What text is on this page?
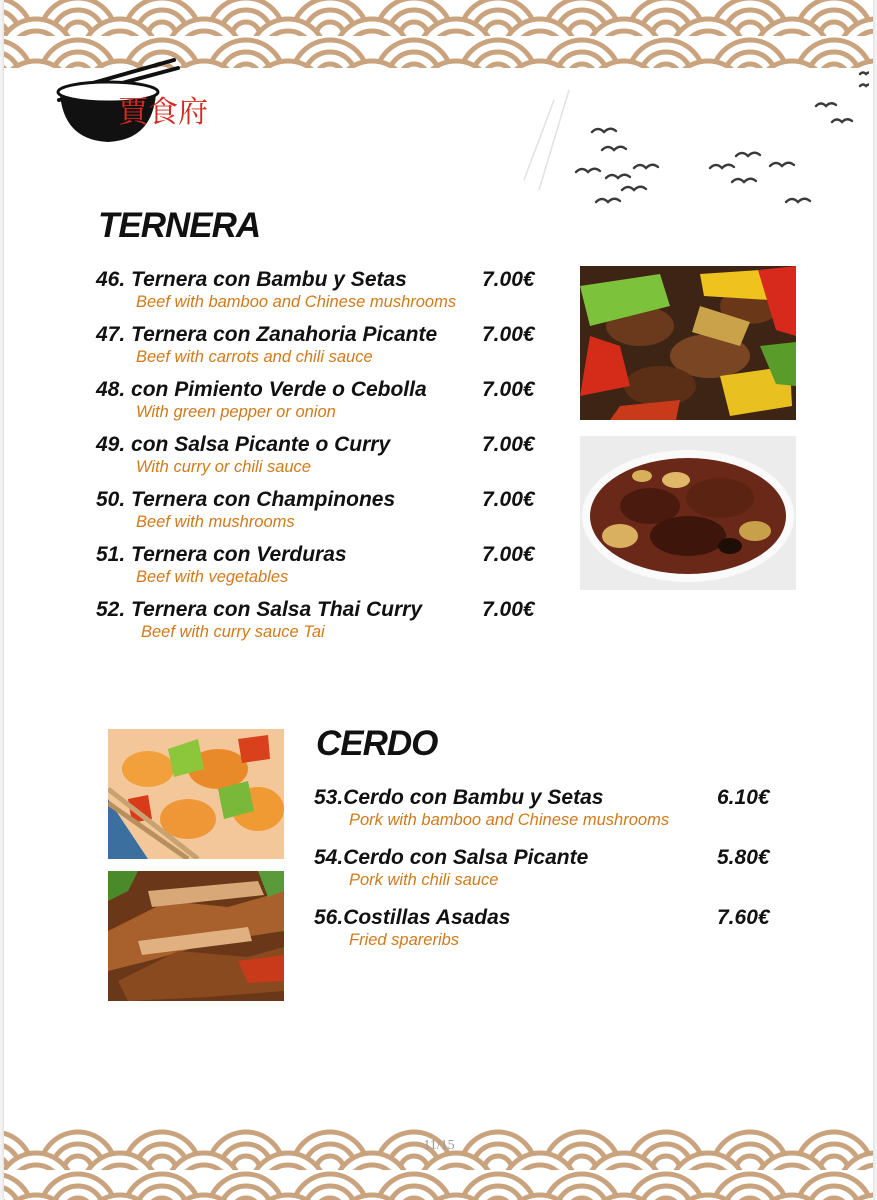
賈食府
TERNERA
46. Ternera con Bambu y Setas	7.00€
Beef with bamboo and Chinese mushrooms
47. Ternera con Zanahoria Picante 7.00€
Beef with carrots and chili sauce
48. con Pimiento Verde o Cebolla	7.00€
With green pepper or onion
49. con Salsa Picante o Curry	7.00€
With curry or chili sauce
50. Ternera con Champinones	7.00€
Beef with mushrooms
51. Ternera con Verduras	7.00€
Beef with vegetables
52. Ternera con Salsa Thai Curry	7.00€
Beef with curry sauce Tai
CERDO
53.Cerdo con Bambu y Setas	6.10€
Pork with bamboo and Chinese mushrooms
54.Cerdo con Salsa Picante	5.80€
Pork with chili sauce
56.Costillas Asadas	7.60€
Fried spareribs
11/15
